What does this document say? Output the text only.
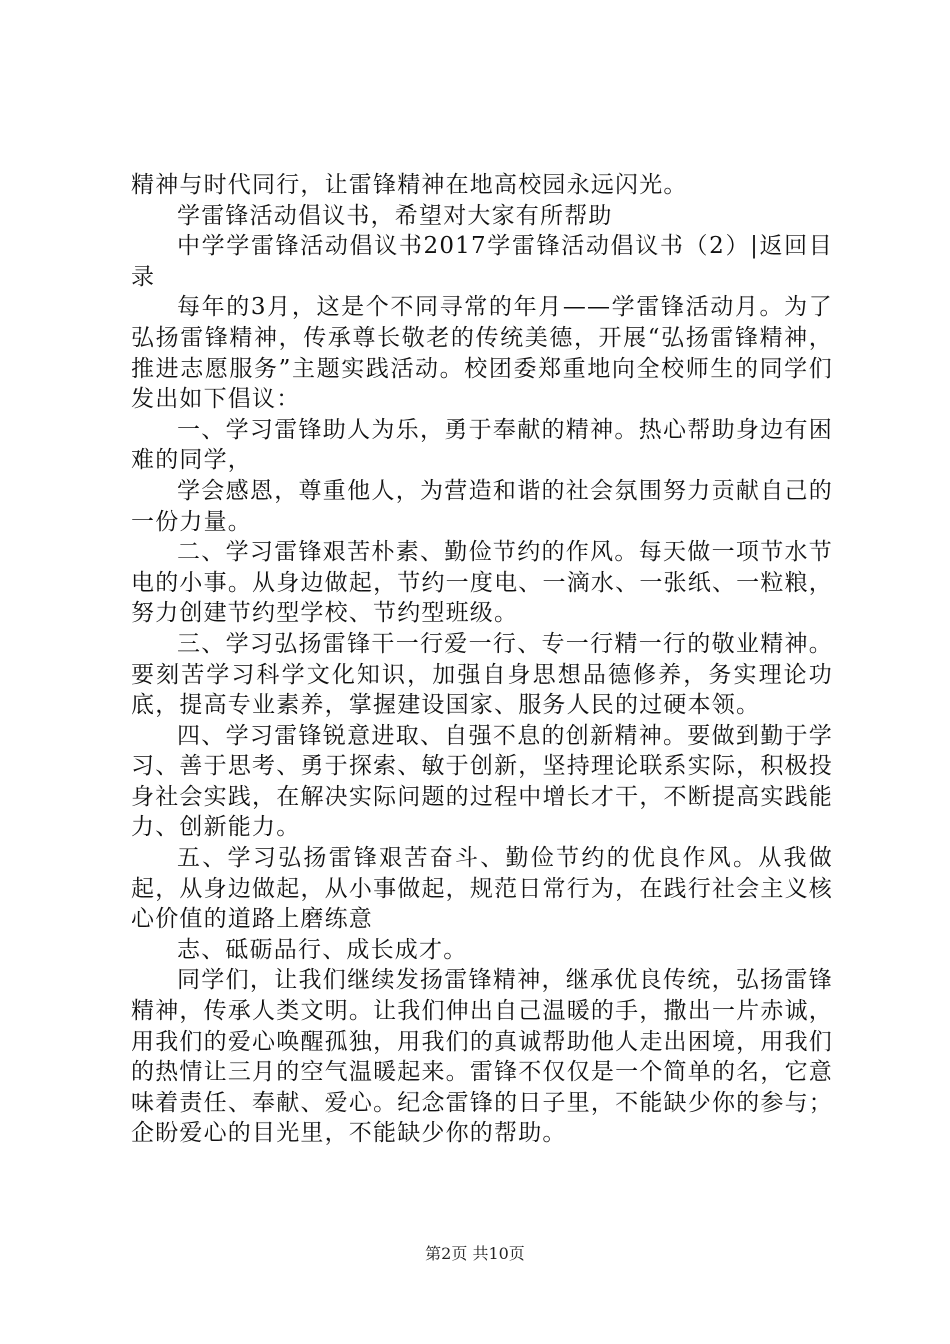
精神与时代同行，让雷锋精神在地高校园永远闪光。

学雷锋活动倡议书，希望对大家有所帮助

中学学雷锋活动倡议书2017学雷锋活动倡议书（2）|返回目录

每年的3月，这是个不同寻常的年月——学雷锋活动月。为了弘扬雷锋精神，传承尊长敬老的传统美德，开展“弘扬雷锋精神，推进志愿服务”主题实践活动。校团委郑重地向全校师生的同学们发出如下倡议：

一、学习雷锋助人为乐，勇于奉献的精神。热心帮助身边有困难的同学，

学会感恩，尊重他人，为营造和谐的社会氛围努力贡献自己的一份力量。

二、学习雷锋艰苦朴素、勤俭节约的作风。每天做一项节水节电的小事。从身边做起，节约一度电、一滴水、一张纸、一粒粮，努力创建节约型学校、节约型班级。

三、学习弘扬雷锋干一行爱一行、专一行精一行的敬业精神。要刻苦学习科学文化知识，加强自身思想品德修养，务实理论功底，提高专业素养，掌握建设国家、服务人民的过硬本领。

四、学习雷锋锐意进取、自强不息的创新精神。要做到勤于学习、善于思考、勇于探索、敏于创新，坚持理论联系实际，积极投身社会实践，在解决实际问题的过程中增长才干，不断提高实践能力、创新能力。

五、学习弘扬雷锋艰苦奋斗、勤俭节约的优良作风。从我做起，从身边做起，从小事做起，规范日常行为，在践行社会主义核心价值的道路上磨练意

志、砥砺品行、成长成才。

同学们，让我们继续发扬雷锋精神，继承优良传统，弘扬雷锋精神，传承人类文明。让我们伸出自己温暖的手，撒出一片赤诚，用我们的爱心唤醒孤独，用我们的真诚帮助他人走出困境，用我们的热情让三月的空气温暖起来。雷锋不仅仅是一个简单的名，它意味着责任、奉献、爱心。纪念雷锋的日子里，不能缺少你的参与；企盼爱心的目光里，不能缺少你的帮助。

第2页 共10页
